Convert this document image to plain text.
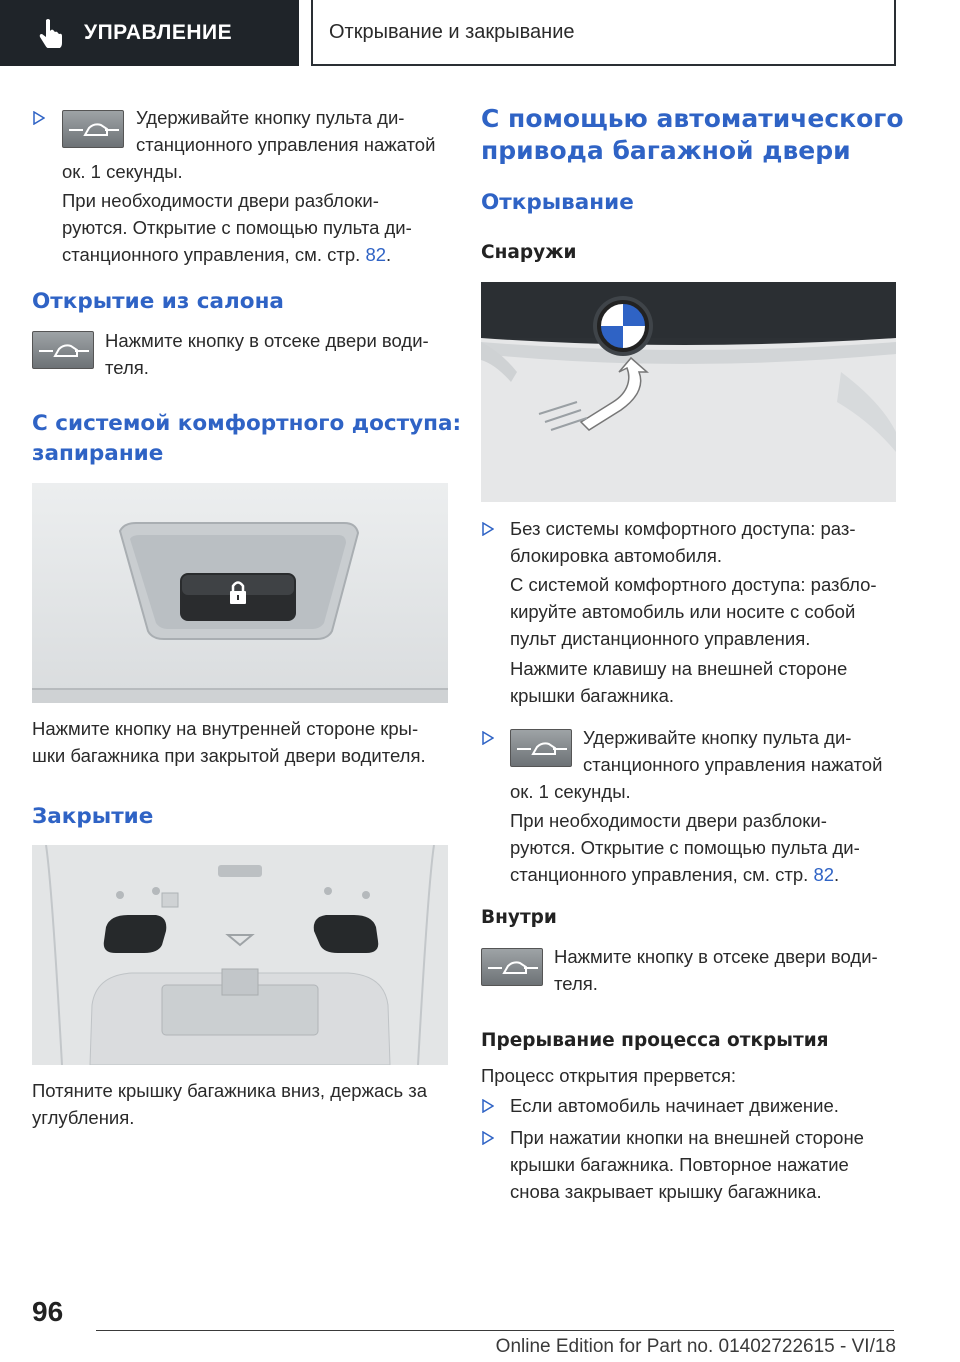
УПРАВЛЕНИЕ	Открывание и закрывание
Удерживайте кнопку пульта ди-
станционного управления нажатой
ок. 1 секунды.
При необходимости двери разблоки-
руются. Открытие с помощью пульта ди-
станционного управления, см. стр. 82.
Открытие из салона
Нажмите кнопку в отсеке двери води-
теля.
С системой комфортного доступа:
запирание
Нажмите кнопку на внутренней стороне кры-
шки багажника при закрытой двери водителя.
Закрытие
Потяните крышку багажника вниз, держась за
углубления.
С помощью автоматического
привода багажной двери
Открывание
Снаружи
Без системы комфортного доступа: раз-
блокировка автомобиля.
С системой комфортного доступа: разбло-
кируйте автомобиль или носите с собой
пульт дистанционного управления.
Нажмите клавишу на внешней стороне
крышки багажника.
Удерживайте кнопку пульта ди-
станционного управления нажатой
ок. 1 секунды.
При необходимости двери разблоки-
руются. Открытие с помощью пульта ди-
станционного управления, см. стр. 82.
Внутри
Нажмите кнопку в отсеке двери води-
теля.
Прерывание процесса открытия
Процесс открытия прервется:
Если автомобиль начинает движение.
При нажатии кнопки на внешней стороне
крышки багажника. Повторное нажатие
снова закрывает крышку багажника.
96
Online Edition for Part no. 01402722615 - VI/18
